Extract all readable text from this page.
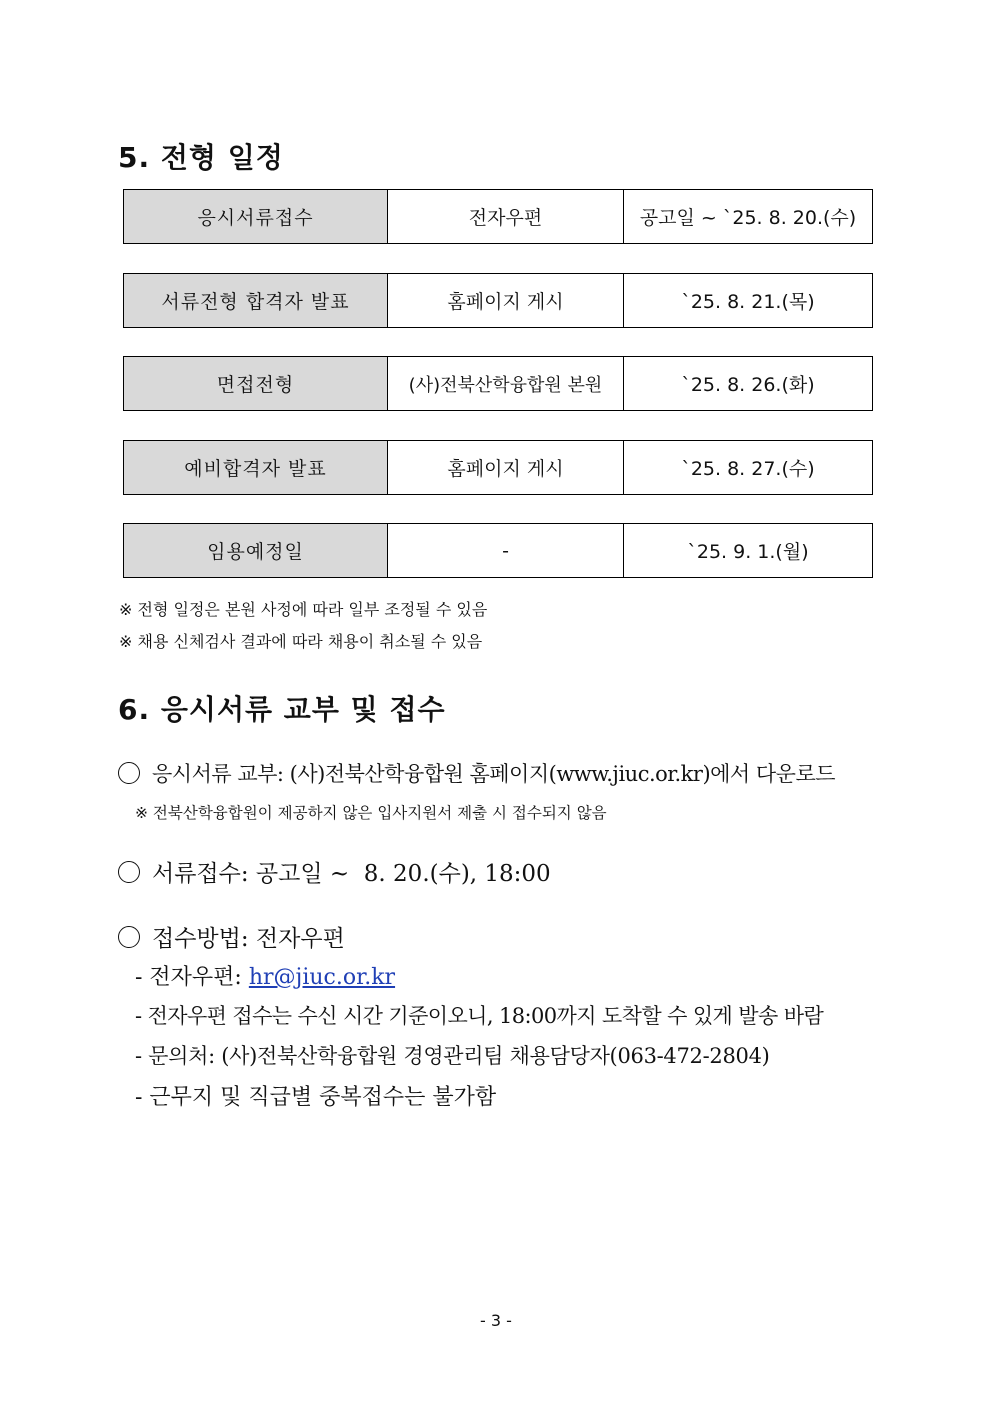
5. 전형 일정
응시서류접수	전자우편	공고일 ~ `25. 8. 20.(수)
서류전형 합격자 발표	홈페이지 게시	`25. 8. 21.(목)
면접전형	(사)전북산학융합원 본원	`25. 8. 26.(화)
예비합격자 발표	홈페이지 게시	`25. 8. 27.(수)
임용예정일	-	`25. 9. 1.(월)
※ 전형 일정은 본원 사정에 따라 일부 조정될 수 있음
※ 채용 신체검사 결과에 따라 채용이 취소될 수 있음
6. 응시서류 교부 및 접수
응시서류 교부: (사)전북산학융합원 홈페이지(www.jiuc.or.kr)에서 다운로드
※ 전북산학융합원이 제공하지 않은 입사지원서 제출 시 접수되지 않음
서류접수: 공고일 ~  8. 20.(수), 18:00
접수방법: 전자우편
- 전자우편: hr@jiuc.or.kr
- 전자우편 접수는 수신 시간 기준이오니, 18:00까지 도착할 수 있게 발송 바람
- 문의처: (사)전북산학융합원 경영관리팀 채용담당자(063-472-2804)
- 근무지 및 직급별 중복접수는 불가함
- 3 -
